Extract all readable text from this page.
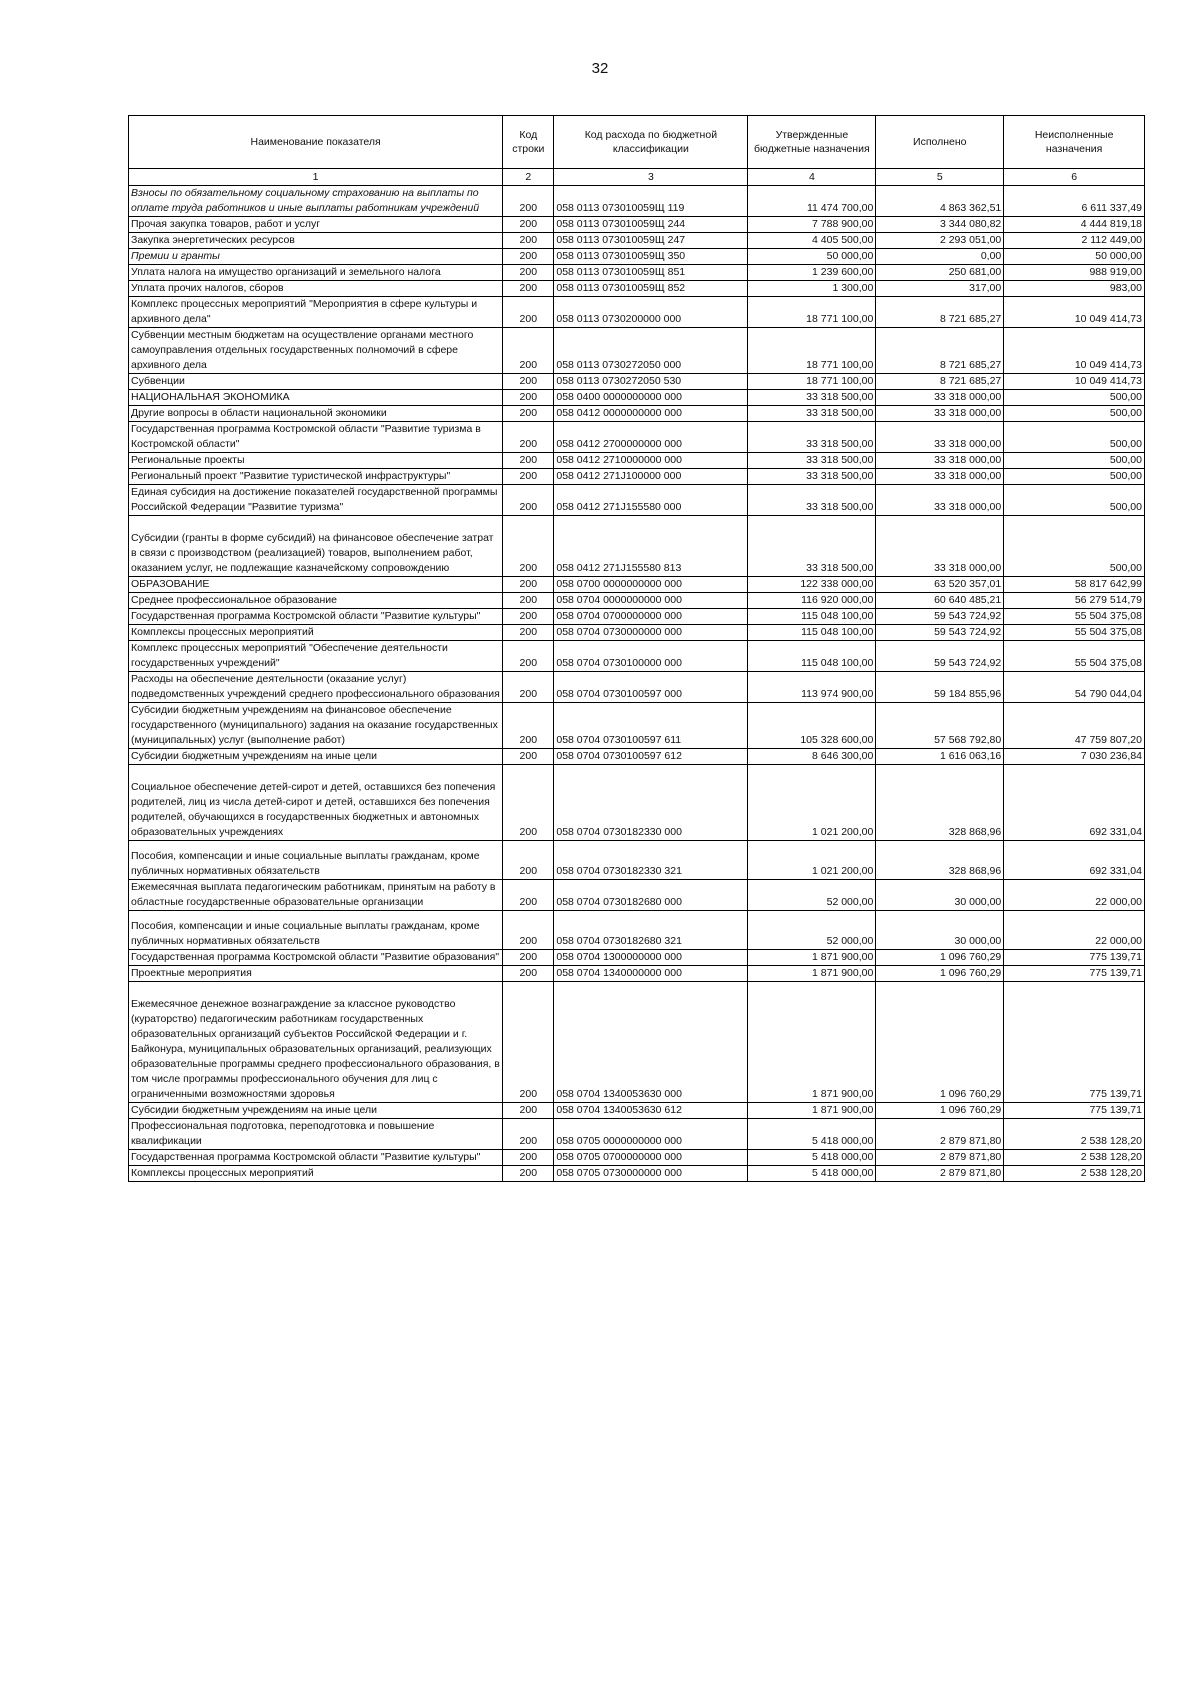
32
Наименование показателя	Код строки	Код расхода по бюджетной классификации	Утвержденные бюджетные назначения	Исполнено	Неисполненные назначения
1	2	3	4	5	6
Взносы по обязательному социальному страхованию на выплаты по оплате труда работников и иные выплаты работникам учреждений	200	058 0113 073010059Щ 119	11 474 700,00	4 863 362,51	6 611 337,49
Прочая закупка товаров, работ и услуг	200	058 0113 073010059Щ 244	7 788 900,00	3 344 080,82	4 444 819,18
Закупка энергетических ресурсов	200	058 0113 073010059Щ 247	4 405 500,00	2 293 051,00	2 112 449,00
Премии и гранты	200	058 0113 073010059Щ 350	50 000,00	0,00	50 000,00
Уплата налога на имущество организаций и земельного налога	200	058 0113 073010059Щ 851	1 239 600,00	250 681,00	988 919,00
Уплата прочих налогов, сборов	200	058 0113 073010059Щ 852	1 300,00	317,00	983,00
Комплекс процессных мероприятий "Мероприятия в сфере культуры и архивного дела"	200	058 0113 0730200000 000	18 771 100,00	8 721 685,27	10 049 414,73
Субвенции местным бюджетам на осуществление органами местного самоуправления отдельных государственных полномочий в сфере архивного дела	200	058 0113 0730272050 000	18 771 100,00	8 721 685,27	10 049 414,73
Субвенции	200	058 0113 0730272050 530	18 771 100,00	8 721 685,27	10 049 414,73
НАЦИОНАЛЬНАЯ ЭКОНОМИКА	200	058 0400 0000000000 000	33 318 500,00	33 318 000,00	500,00
Другие вопросы в области национальной экономики	200	058 0412 0000000000 000	33 318 500,00	33 318 000,00	500,00
Государственная программа Костромской области "Развитие туризма в Костромской области"	200	058 0412 2700000000 000	33 318 500,00	33 318 000,00	500,00
Региональные проекты	200	058 0412 2710000000 000	33 318 500,00	33 318 000,00	500,00
Региональный проект "Развитие туристической инфраструктуры"	200	058 0412 271J100000 000	33 318 500,00	33 318 000,00	500,00
Единая субсидия на достижение показателей государственной программы Российской Федерации "Развитие туризма"	200	058 0412 271J155580 000	33 318 500,00	33 318 000,00	500,00

Субсидии (гранты в форме субсидий) на финансовое обеспечение затрат в связи с производством (реализацией) товаров, выполнением работ, оказанием услуг, не подлежащие казначейскому сопровождению	200	058 0412 271J155580 813	33 318 500,00	33 318 000,00	500,00
ОБРАЗОВАНИЕ	200	058 0700 0000000000 000	122 338 000,00	63 520 357,01	58 817 642,99
Среднее профессиональное образование	200	058 0704 0000000000 000	116 920 000,00	60 640 485,21	56 279 514,79
Государственная программа Костромской области "Развитие культуры"	200	058 0704 0700000000 000	115 048 100,00	59 543 724,92	55 504 375,08
Комплексы процессных мероприятий	200	058 0704 0730000000 000	115 048 100,00	59 543 724,92	55 504 375,08
Комплекс процессных мероприятий "Обеспечение деятельности государственных учреждений"	200	058 0704 0730100000 000	115 048 100,00	59 543 724,92	55 504 375,08
Расходы на обеспечение деятельности (оказание услуг) подведомственных учреждений среднего профессионального образования	200	058 0704 0730100597 000	113 974 900,00	59 184 855,96	54 790 044,04
Субсидии бюджетным учреждениям на финансовое обеспечение государственного (муниципального) задания на оказание государственных (муниципальных) услуг (выполнение работ)	200	058 0704 0730100597 611	105 328 600,00	57 568 792,80	47 759 807,20
Субсидии бюджетным учреждениям на иные цели	200	058 0704 0730100597 612	8 646 300,00	1 616 063,16	7 030 236,84

Социальное обеспечение детей-сирот и детей, оставшихся без попечения родителей, лиц из числа детей-сирот и детей, оставшихся без попечения родителей, обучающихся в государственных бюджетных и автономных образовательных учреждениях	200	058 0704 0730182330 000	1 021 200,00	328 868,96	692 331,04

Пособия, компенсации и иные социальные выплаты гражданам, кроме публичных нормативных обязательств	200	058 0704 0730182330 321	1 021 200,00	328 868,96	692 331,04
Ежемесячная выплата педагогическим работникам, принятым на работу в областные государственные образовательные организации	200	058 0704 0730182680 000	52 000,00	30 000,00	22 000,00

Пособия, компенсации и иные социальные выплаты гражданам, кроме публичных нормативных обязательств	200	058 0704 0730182680 321	52 000,00	30 000,00	22 000,00
Государственная программа Костромской области "Развитие образования"	200	058 0704 1300000000 000	1 871 900,00	1 096 760,29	775 139,71
Проектные мероприятия	200	058 0704 1340000000 000	1 871 900,00	1 096 760,29	775 139,71

Ежемесячное денежное вознаграждение за классное руководство (кураторство) педагогическим работникам государственных образовательных организаций субъектов Российской Федерации и г. Байконура, муниципальных образовательных организаций, реализующих образовательные программы среднего профессионального образования, в том числе программы профессионального обучения для лиц с ограниченными возможностями здоровья	200	058 0704 1340053630 000	1 871 900,00	1 096 760,29	775 139,71
Субсидии бюджетным учреждениям на иные цели	200	058 0704 1340053630 612	1 871 900,00	1 096 760,29	775 139,71
Профессиональная подготовка, переподготовка и повышение квалификации	200	058 0705 0000000000 000	5 418 000,00	2 879 871,80	2 538 128,20
Государственная программа Костромской области "Развитие культуры"	200	058 0705 0700000000 000	5 418 000,00	2 879 871,80	2 538 128,20
Комплексы процессных мероприятий	200	058 0705 0730000000 000	5 418 000,00	2 879 871,80	2 538 128,20
